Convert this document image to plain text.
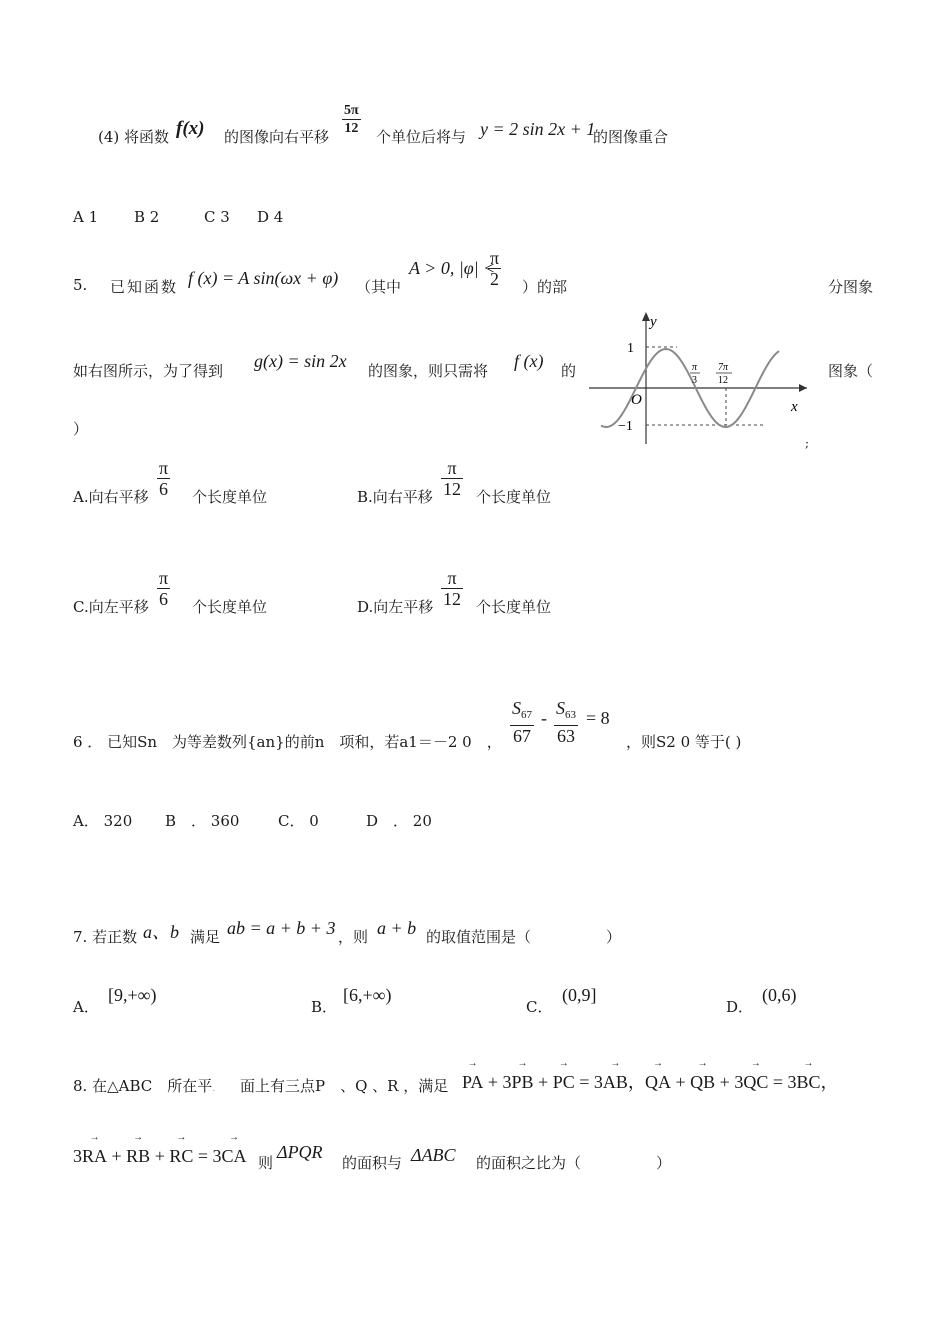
(4) 将函数 f(x) 的图像向右平移 $\frac{5\pi}{12}$ 个单位后将与 y = 2 sin 2x + 1
的图像重合
A 1 B 2	C 3 D 4
5. 已知函数 f (x) = A sin(ωx + φ) （其中
A > 0, |φ| <
$\frac{\pi}{2}$ ）的部	分图象
如右图所示，为了得到 g(x) = sin 2x 的图象，则只需将 f (x) 的	图象（
）
;
y
x
O
1
−1
π
3
7π
12
A.向右平移 $\frac{\pi}{6}$ 个长度单位	B.向右平移 $\frac{\pi}{12}$ 个长度单位
C.向左平移 $\frac{\pi}{6}$ 个长度单位	D.向左平移 $\frac{\pi}{12}$ 个长度单位
6 ． 已知Sn　为等差数列{an}的前n　项和，若a1＝－2 0　， $\frac{S_{67}}{67} - \frac{S_{63}}{63} = 8$
，则S2 0 等于( )
A． 320 B　． 360	C． 0	D　． 20
7. 若正数 a、b 满足 ab = a + b + 3 ，则 a + b 的取值范围是（　　　　　）
A．
[9,+∞)
B．
[6,+∞)
C．
(0,9]
D．
(0,6)
8. 在△ABC　所在平. 面上有三点P　、Q 、R ，满足 → PA + 3→ PB + → PC = 3→ AB， → QA + → QB + 3→ QC = 3→ BC，
3→ RA + → RB + → RC = 3→ CA 则
ΔPQR
的面积与 ΔABC 的面积之比为（　　　　　）
